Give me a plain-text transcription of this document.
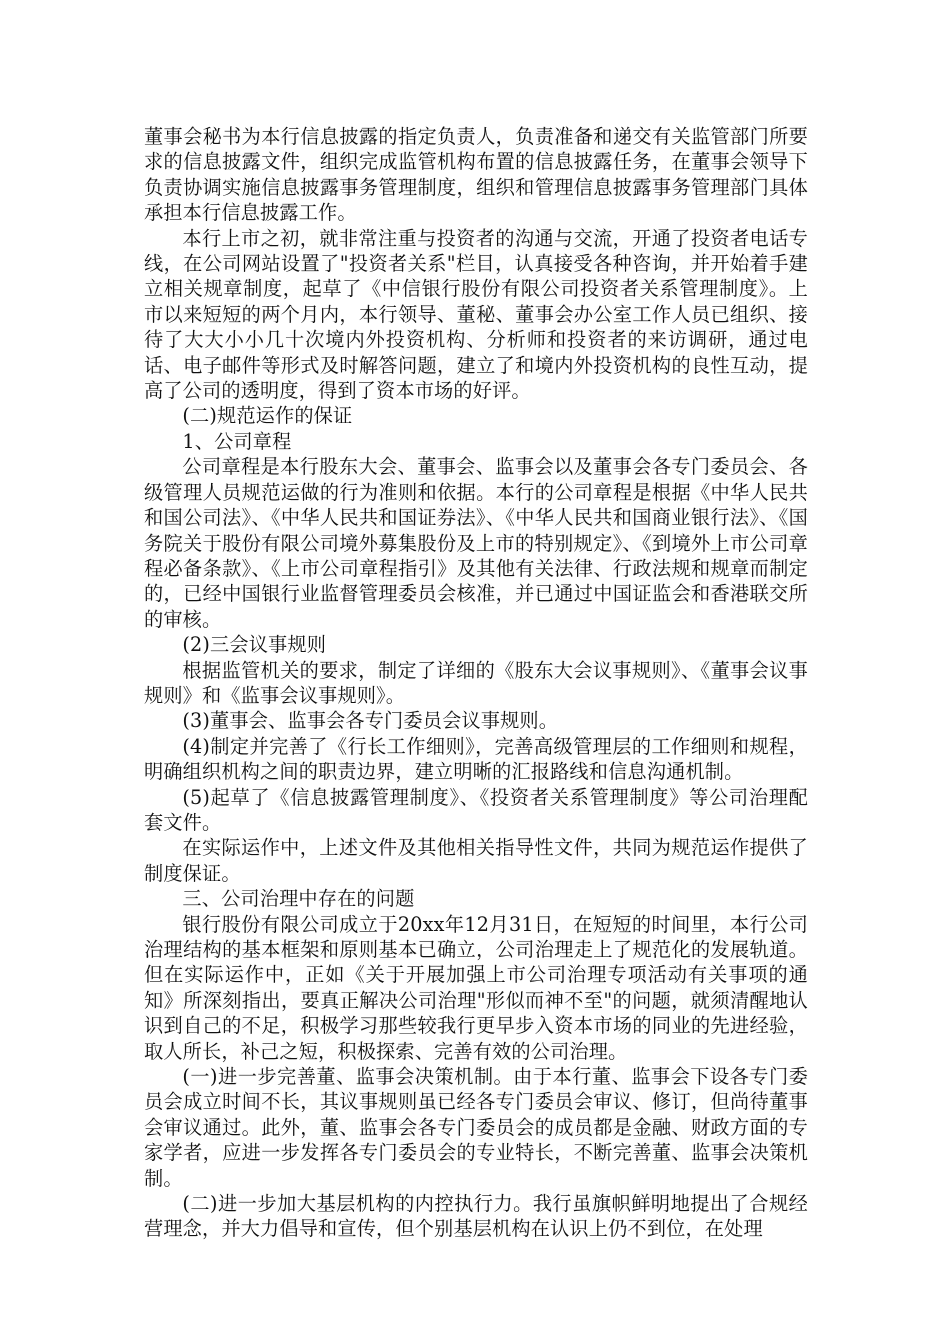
董事会秘书为本行信息披露的指定负责人，负责准备和递交有关监管部门所要求的信息披露文件，组织完成监管机构布置的信息披露任务，在董事会领导下负责协调实施信息披露事务管理制度，组织和管理信息披露事务管理部门具体承担本行信息披露工作。

本行上市之初，就非常注重与投资者的沟通与交流，开通了投资者电话专线，在公司网站设置了"投资者关系"栏目，认真接受各种咨询，并开始着手建立相关规章制度，起草了《中信银行股份有限公司投资者关系管理制度》。上市以来短短的两个月内，本行领导、董秘、董事会办公室工作人员已组织、接待了大大小小几十次境内外投资机构、分析师和投资者的来访调研，通过电话、电子邮件等形式及时解答问题，建立了和境内外投资机构的良性互动，提高了公司的透明度，得到了资本市场的好评。

(二)规范运作的保证

1、公司章程

公司章程是本行股东大会、董事会、监事会以及董事会各专门委员会、各级管理人员规范运做的行为准则和依据。本行的公司章程是根据《中华人民共和国公司法》、《中华人民共和国证券法》、《中华人民共和国商业银行法》、《国务院关于股份有限公司境外募集股份及上市的特别规定》、《到境外上市公司章程必备条款》、《上市公司章程指引》及其他有关法律、行政法规和规章而制定的，已经中国银行业监督管理委员会核准，并已通过中国证监会和香港联交所的审核。

(2)三会议事规则

根据监管机关的要求，制定了详细的《股东大会议事规则》、《董事会议事规则》和《监事会议事规则》。

(3)董事会、监事会各专门委员会议事规则。

(4)制定并完善了《行长工作细则》，完善高级管理层的工作细则和规程，明确组织机构之间的职责边界，建立明晰的汇报路线和信息沟通机制。

(5)起草了《信息披露管理制度》、《投资者关系管理制度》等公司治理配套文件。

在实际运作中，上述文件及其他相关指导性文件，共同为规范运作提供了制度保证。

三、公司治理中存在的问题

银行股份有限公司成立于20xx年12月31日，在短短的时间里，本行公司治理结构的基本框架和原则基本已确立，公司治理走上了规范化的发展轨道。但在实际运作中，正如《关于开展加强上市公司治理专项活动有关事项的通知》所深刻指出，要真正解决公司治理"形似而神不至"的问题，就须清醒地认识到自己的不足，积极学习那些较我行更早步入资本市场的同业的先进经验，取人所长，补己之短，积极探索、完善有效的公司治理。

(一)进一步完善董、监事会决策机制。由于本行董、监事会下设各专门委员会成立时间不长，其议事规则虽已经各专门委员会审议、修订，但尚待董事会审议通过。此外，董、监事会各专门委员会的成员都是金融、财政方面的专家学者，应进一步发挥各专门委员会的专业特长，不断完善董、监事会决策机制。

(二)进一步加大基层机构的内控执行力。我行虽旗帜鲜明地提出了合规经营理念，并大力倡导和宣传，但个别基层机构在认识上仍不到位，在处理
